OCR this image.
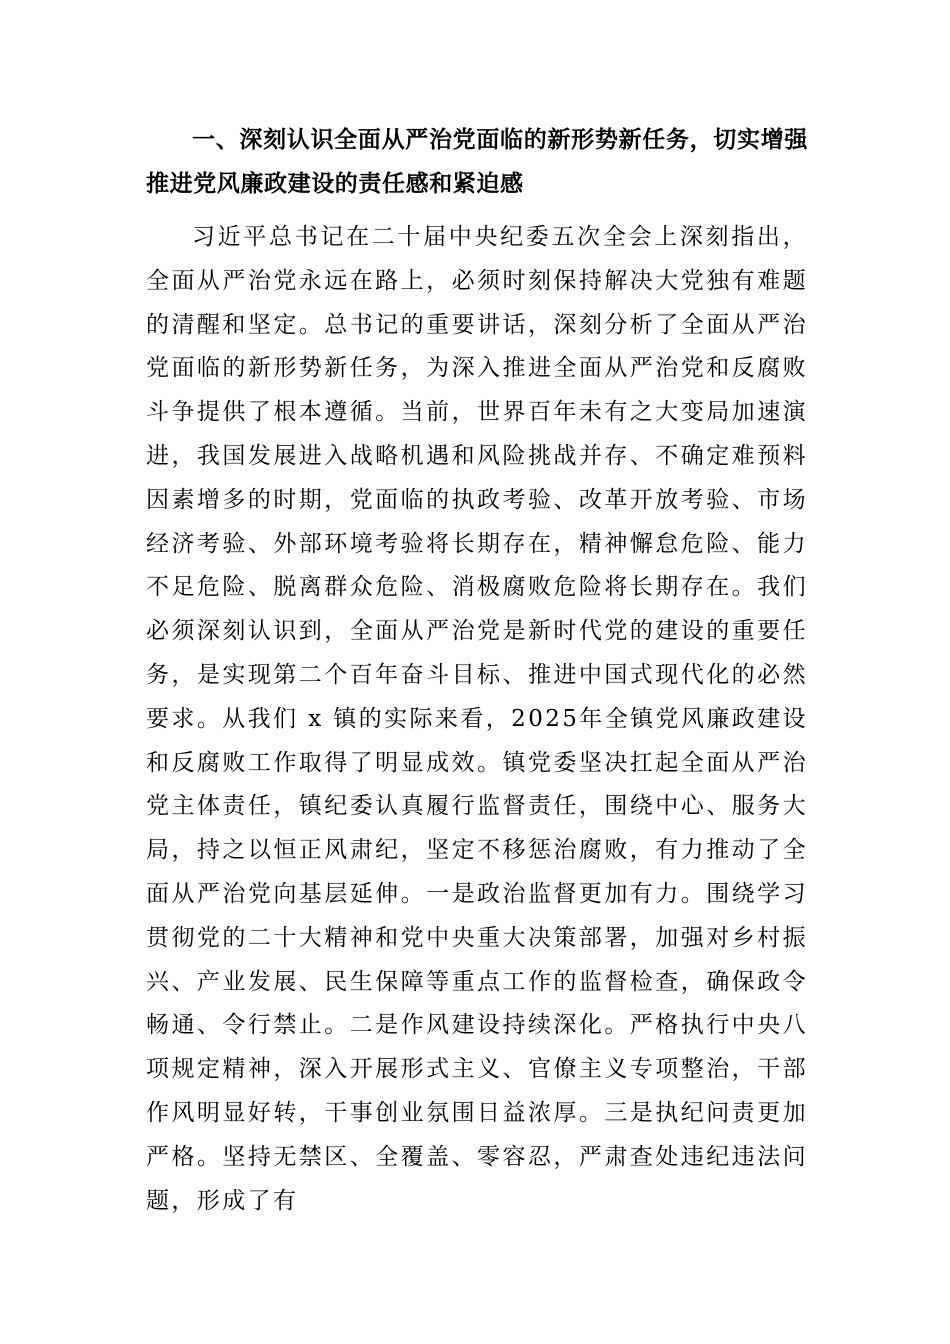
一、深刻认识全面从严治党面临的新形势新任务，切实增强推进党风廉政建设的责任感和紧迫感

习近平总书记在二十届中央纪委五次全会上深刻指出，全面从严治党永远在路上，必须时刻保持解决大党独有难题的清醒和坚定。总书记的重要讲话，深刻分析了全面从严治党面临的新形势新任务，为深入推进全面从严治党和反腐败斗争提供了根本遵循。当前，世界百年未有之大变局加速演进，我国发展进入战略机遇和风险挑战并存、不确定难预料因素增多的时期，党面临的执政考验、改革开放考验、市场经济考验、外部环境考验将长期存在，精神懈怠危险、能力不足危险、脱离群众危险、消极腐败危险将长期存在。我们必须深刻认识到，全面从严治党是新时代党的建设的重要任务，是实现第二个百年奋斗目标、推进中国式现代化的必然要求。从我们 x 镇的实际来看，2025年全镇党风廉政建设和反腐败工作取得了明显成效。镇党委坚决扛起全面从严治党主体责任，镇纪委认真履行监督责任，围绕中心、服务大局，持之以恒正风肃纪，坚定不移惩治腐败，有力推动了全面从严治党向基层延伸。一是政治监督更加有力。围绕学习贯彻党的二十大精神和党中央重大决策部署，加强对乡村振兴、产业发展、民生保障等重点工作的监督检查，确保政令畅通、令行禁止。二是作风建设持续深化。严格执行中央八项规定精神，深入开展形式主义、官僚主义专项整治，干部作风明显好转，干事创业氛围日益浓厚。三是执纪问责更加严格。坚持无禁区、全覆盖、零容忍，严肃查处违纪违法问题，形成了有
